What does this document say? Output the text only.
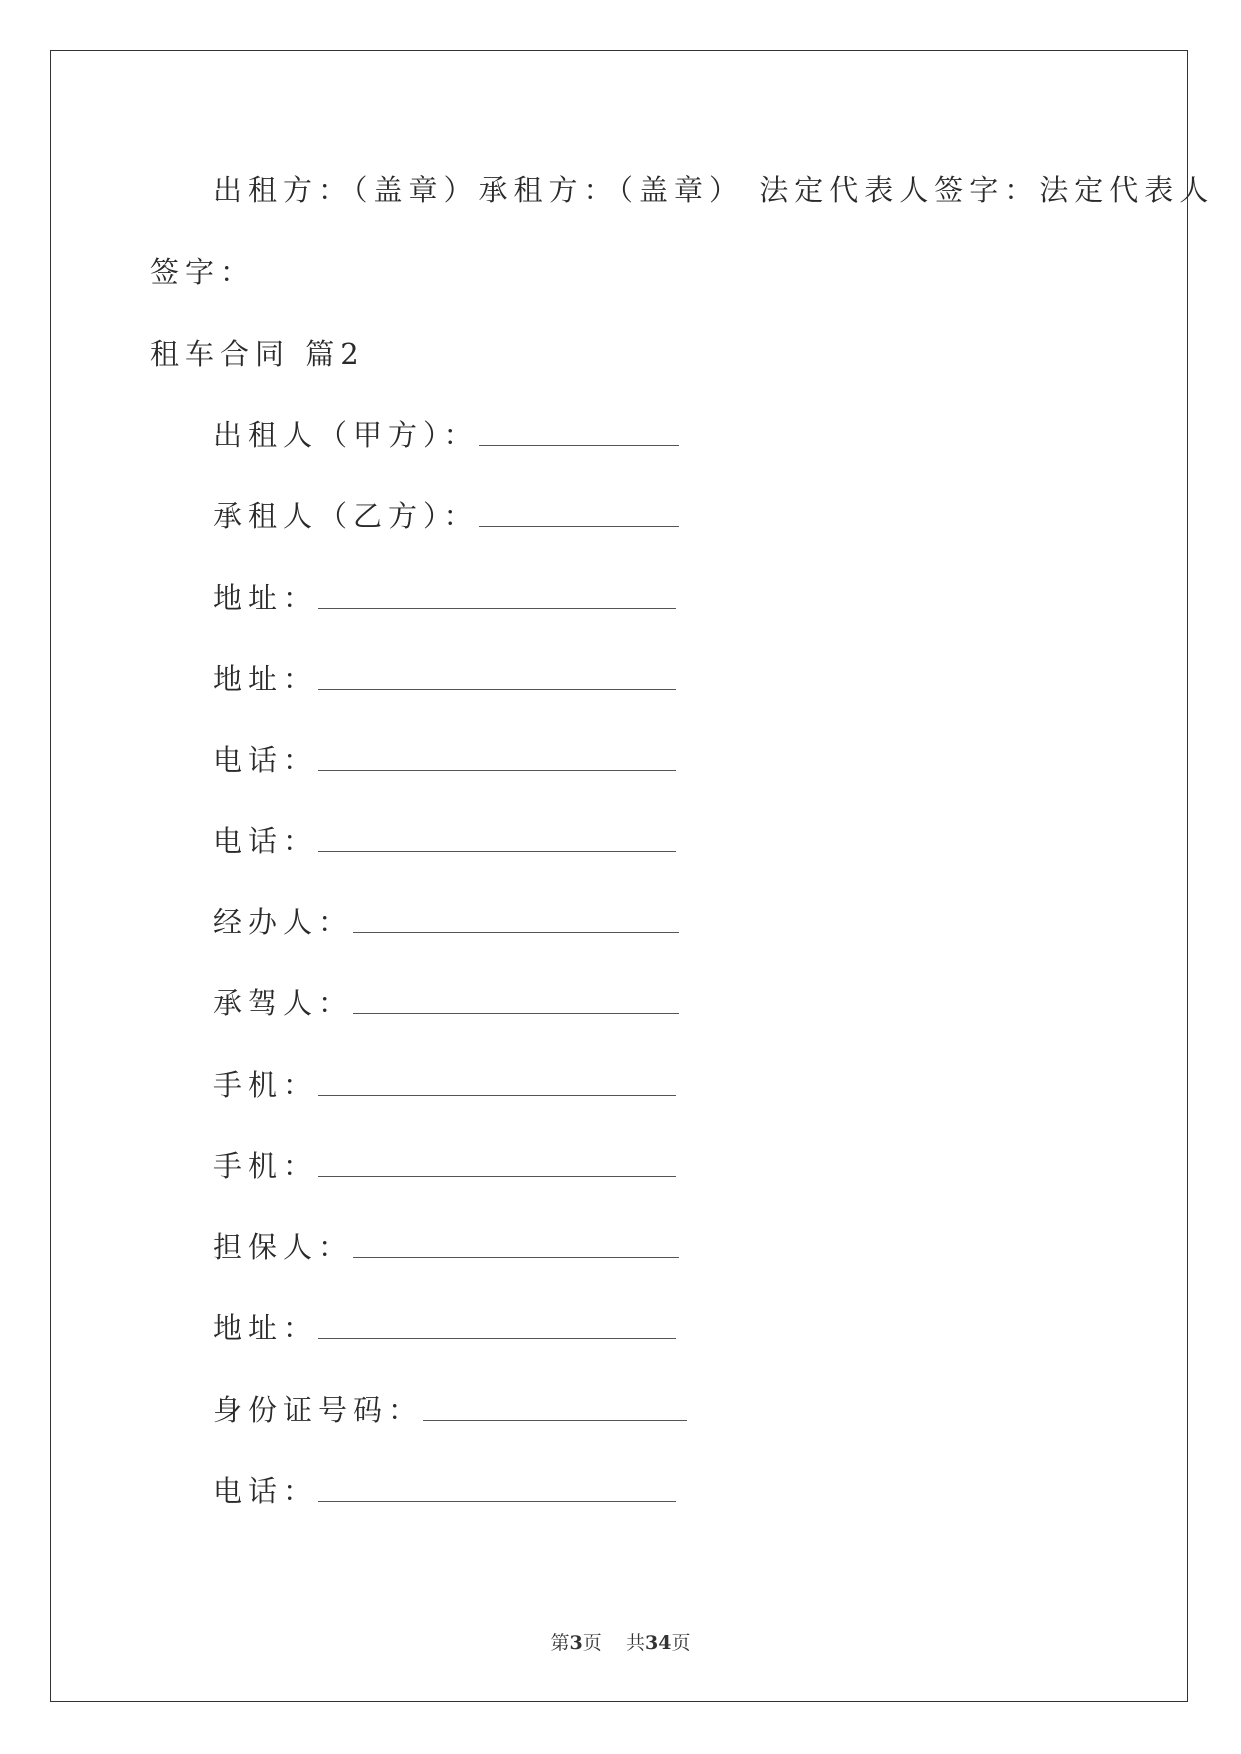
出租方：（盖章）承租方：（盖章） 法定代表人签字：法定代表人
签字：
租车合同 篇2
出租人（甲方）：
承租人（乙方）：
地址：
地址：
电话：
电话：
经办人：
承驾人：
手机：
手机：
担保人：
地址：
身份证号码：
电话：
第3页 共34页
